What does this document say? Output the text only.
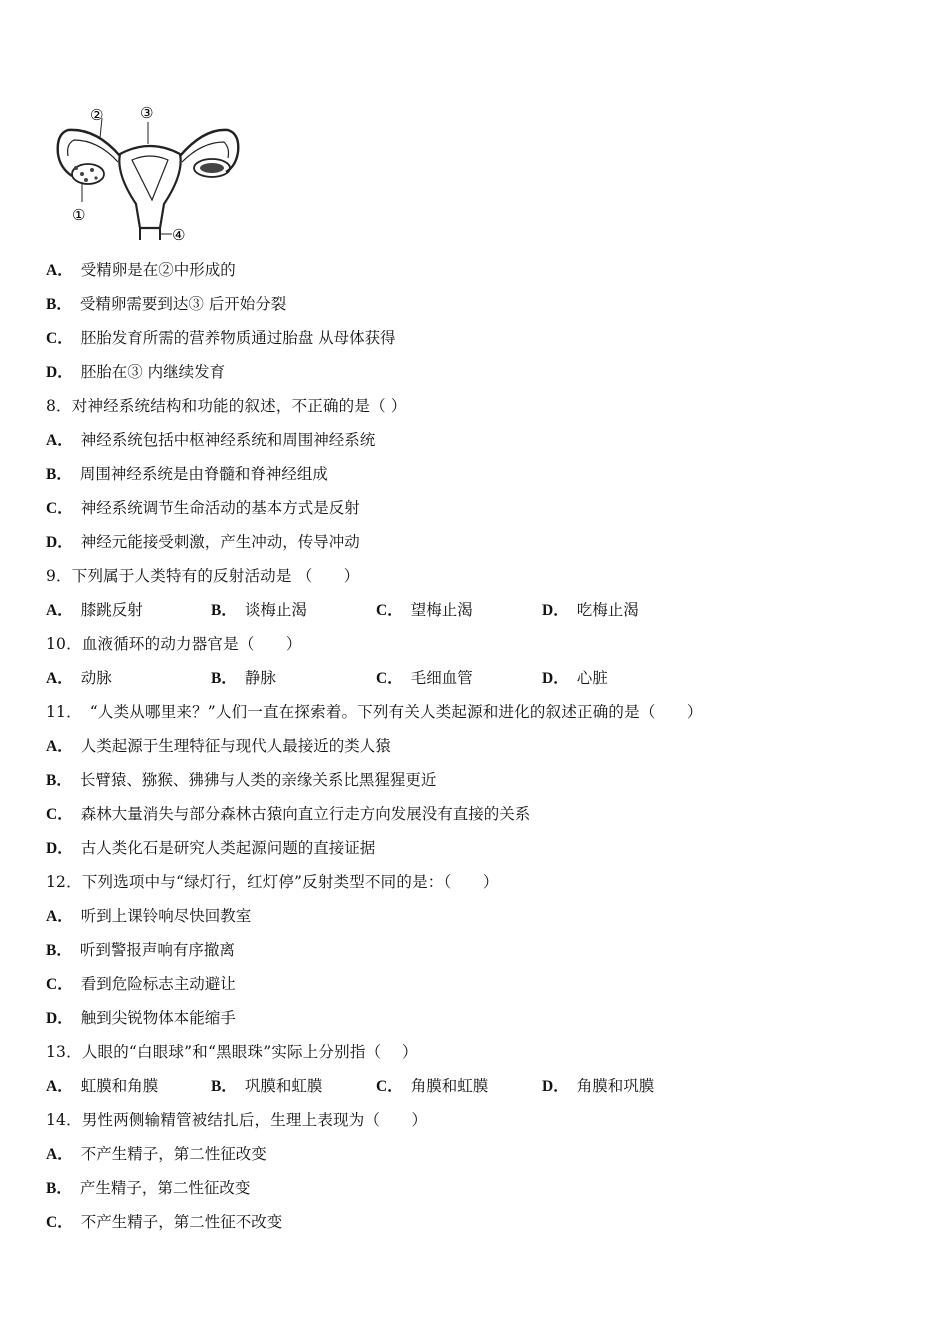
①
② ③
④
A． 受精卵是在②中形成的
B． 受精卵需要到达③ 后开始分裂
C． 胚胎发育所需的营养物质通过胎盘 从母体获得
D． 胚胎在③ 内继续发育
8．对神经系统结构和功能的叙述，不正确的是（ ）
A． 神经系统包括中枢神经系统和周围神经系统
B． 周围神经系统是由脊髓和脊神经组成
C． 神经系统调节生命活动的基本方式是反射
D． 神经元能接受刺激，产生冲动，传导冲动
9．下列属于人类特有的反射活动是 （　　）
A． 膝跳反射	B． 谈梅止渴	C． 望梅止渴	D． 吃梅止渴
10．血液循环的动力器官是（　　）
A． 动脉	B． 静脉	C． 毛细血管	D． 心脏
11．　“人类从哪里来？”人们一直在探索着。下列有关人类起源和进化的叙述正确的是（　　）
A． 人类起源于生理特征与现代人最接近的类人猿
B． 长臂猿、猕猴、狒狒与人类的亲缘关系比黑猩猩更近
C． 森林大量消失与部分森林古猿向直立行走方向发展没有直接的关系
D． 古人类化石是研究人类起源问题的直接证据
12．下列选项中与“绿灯行，红灯停”反射类型不同的是：（　　）
A． 听到上课铃响尽快回教室
B． 听到警报声响有序撤离
C． 看到危险标志主动避让
D． 触到尖锐物体本能缩手
13．人眼的“白眼球”和“黑眼珠”实际上分别指（　 ）
A． 虹膜和角膜	B． 巩膜和虹膜	C． 角膜和虹膜	D． 角膜和巩膜
14．男性两侧输精管被结扎后，生理上表现为（　　）
A． 不产生精子，第二性征改变
B． 产生精子，第二性征改变
C． 不产生精子，第二性征不改变
